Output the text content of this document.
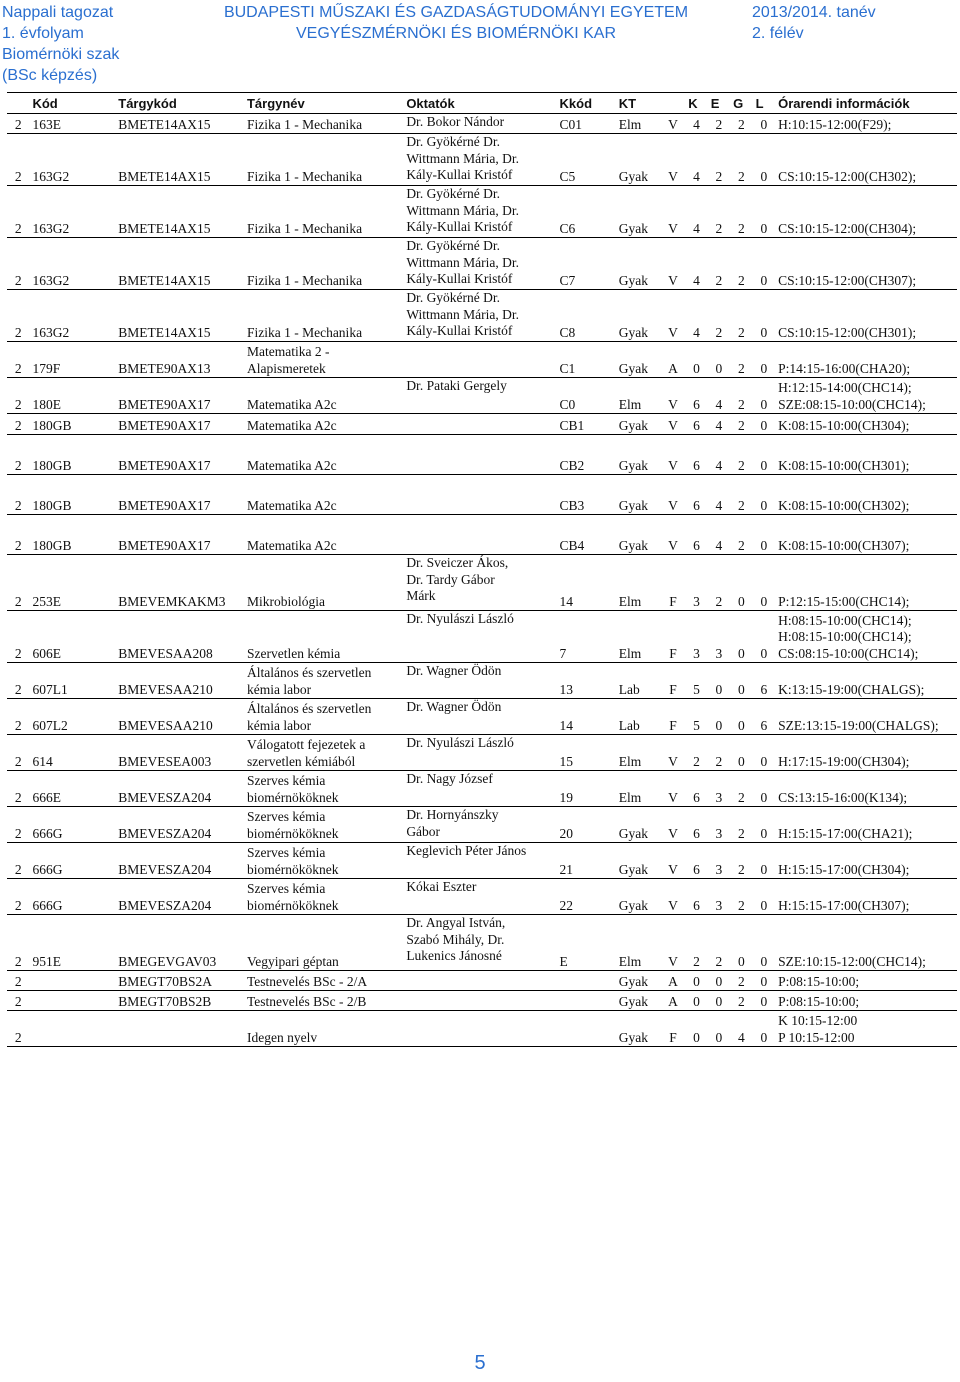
Nappali tagozat
1. évfolyam
Biomérnöki szak
(BSc képzés)
BUDAPESTI MŰSZAKI ÉS GAZDASÁGTUDOMÁNYI EGYETEM
VEGYÉSZMÉRNÖKI ÉS BIOMÉRNÖKI KAR
2013/2014. tanév
2. félév
	Kód	Tárgykód	Tárgynév	Oktatók	Kkód	KT		K	E	G	L	Órarendi információk
2	163E	BMETE14AX15	Fizika 1 - Mechanika	Dr. Bokor Nándor	C01	Elm	V	4	2	2	0	H:10:15-12:00(F29);

2	163G2	BMETE14AX15	Fizika 1 - Mechanika	Dr. Gyökérné Dr.
Wittmann Mária, Dr.
Kály-Kullai Kristóf	C5	Gyak	V	4	2	2	0	CS:10:15-12:00(CH302);

2	163G2	BMETE14AX15	Fizika 1 - Mechanika	Dr. Gyökérné Dr.
Wittmann Mária, Dr.
Kály-Kullai Kristóf	C6	Gyak	V	4	2	2	0	CS:10:15-12:00(CH304);

2	163G2	BMETE14AX15	Fizika 1 - Mechanika	Dr. Gyökérné Dr.
Wittmann Mária, Dr.
Kály-Kullai Kristóf	C7	Gyak	V	4	2	2	0	CS:10:15-12:00(CH307);

2	163G2	BMETE14AX15	Fizika 1 - Mechanika	Dr. Gyökérné Dr.
Wittmann Mária, Dr.
Kály-Kullai Kristóf	C8	Gyak	V	4	2	2	0	CS:10:15-12:00(CH301);

2	179F	BMETE90AX13	Matematika 2 -
Alapismeretek		C1	Gyak	A	0	0	2	0	P:14:15-16:00(CHA20);

2	180E	BMETE90AX17	Matematika A2c	Dr. Pataki Gergely	C0	Elm	V	6	4	2	0	H:12:15-14:00(CHC14);
SZE:08:15-10:00(CHC14);

2	180GB	BMETE90AX17	Matematika A2c		CB1	Gyak	V	6	4	2	0	K:08:15-10:00(CH304);

2	180GB	BMETE90AX17	Matematika A2c		CB2	Gyak	V	6	4	2	0	K:08:15-10:00(CH301);

2	180GB	BMETE90AX17	Matematika A2c		CB3	Gyak	V	6	4	2	0	K:08:15-10:00(CH302);

2	180GB	BMETE90AX17	Matematika A2c		CB4	Gyak	V	6	4	2	0	K:08:15-10:00(CH307);

2	253E	BMEVEMKAKM3	Mikrobiológia	Dr. Sveiczer Ákos,
Dr. Tardy Gábor
Márk	14	Elm	F	3	2	0	0	P:12:15-15:00(CHC14);

2	606E	BMEVESAA208	Szervetlen kémia	Dr. Nyulászi László	7	Elm	F	3	3	0	0	H:08:15-10:00(CHC14);
H:08:15-10:00(CHC14);
CS:08:15-10:00(CHC14);

2	607L1	BMEVESAA210	Általános és szervetlen
kémia labor	Dr. Wagner Ödön	13	Lab	F	5	0	0	6	K:13:15-19:00(CHALGS);

2	607L2	BMEVESAA210	Általános és szervetlen
kémia labor	Dr. Wagner Ödön	14	Lab	F	5	0	0	6	SZE:13:15-19:00(CHALGS);

2	614	BMEVESEA003	Válogatott fejezetek a
szervetlen kémiából	Dr. Nyulászi László	15	Elm	V	2	2	0	0	H:17:15-19:00(CH304);

2	666E	BMEVESZA204	Szerves kémia
biomérnököknek	Dr. Nagy József	19	Elm	V	6	3	2	0	CS:13:15-16:00(K134);

2	666G	BMEVESZA204	Szerves kémia
biomérnököknek	Dr. Hornyánszky
Gábor	20	Gyak	V	6	3	2	0	H:15:15-17:00(CHA21);

2	666G	BMEVESZA204	Szerves kémia
biomérnököknek	Keglevich Péter János	21	Gyak	V	6	3	2	0	H:15:15-17:00(CH304);

2	666G	BMEVESZA204	Szerves kémia
biomérnököknek	Kókai Eszter	22	Gyak	V	6	3	2	0	H:15:15-17:00(CH307);

2	951E	BMEGEVGAV03	Vegyipari géptan	Dr. Angyal István,
Szabó Mihály, Dr.
Lukenics Jánosné	E	Elm	V	2	2	0	0	SZE:10:15-12:00(CHC14);

2		BMEGT70BS2A	Testnevelés BSc - 2/A			Gyak	A	0	0	2	0	P:08:15-10:00;

2		BMEGT70BS2B	Testnevelés BSc - 2/B			Gyak	A	0	0	2	0	P:08:15-10:00;

2			Idegen nyelv			Gyak	F	0	0	4	0	K 10:15-12:00
P 10:15-12:00
5
